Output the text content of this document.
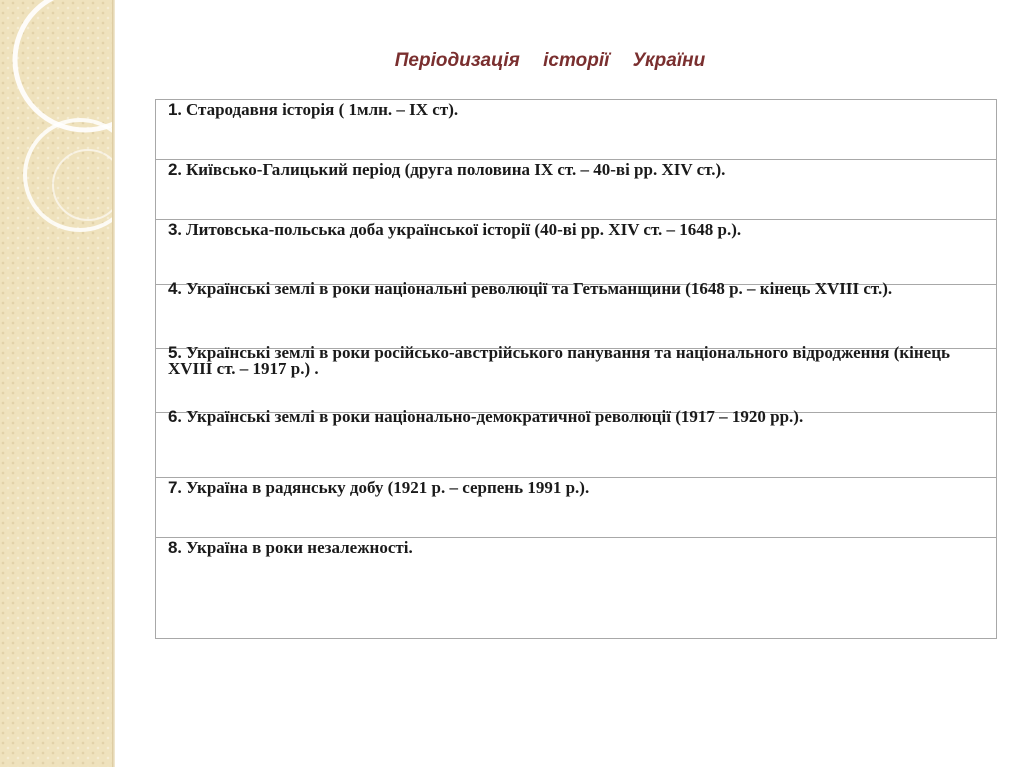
Періодизація історії України
1. Стародавня історія ( 1млн. – IX ст).
2. Київсько-Галицький період (друга половина IX ст. – 40-ві рр. XIV ст.).
3. Литовська-польська доба української історії (40-ві рр. XIV ст. – 1648 р.).
4. Українські землі в роки національні революції та Гетьманщини (1648 р. – кінець XVIII ст.).
5. Українські землі в роки російсько-австрійського панування та національного відродження (кінець XVIII ст. – 1917 р.) .
6. Українські землі в роки національно-демократичної революції (1917 – 1920 рр.).
7. Україна в радянську добу (1921 р. – серпень 1991 р.).
8. Україна в роки незалежності.
